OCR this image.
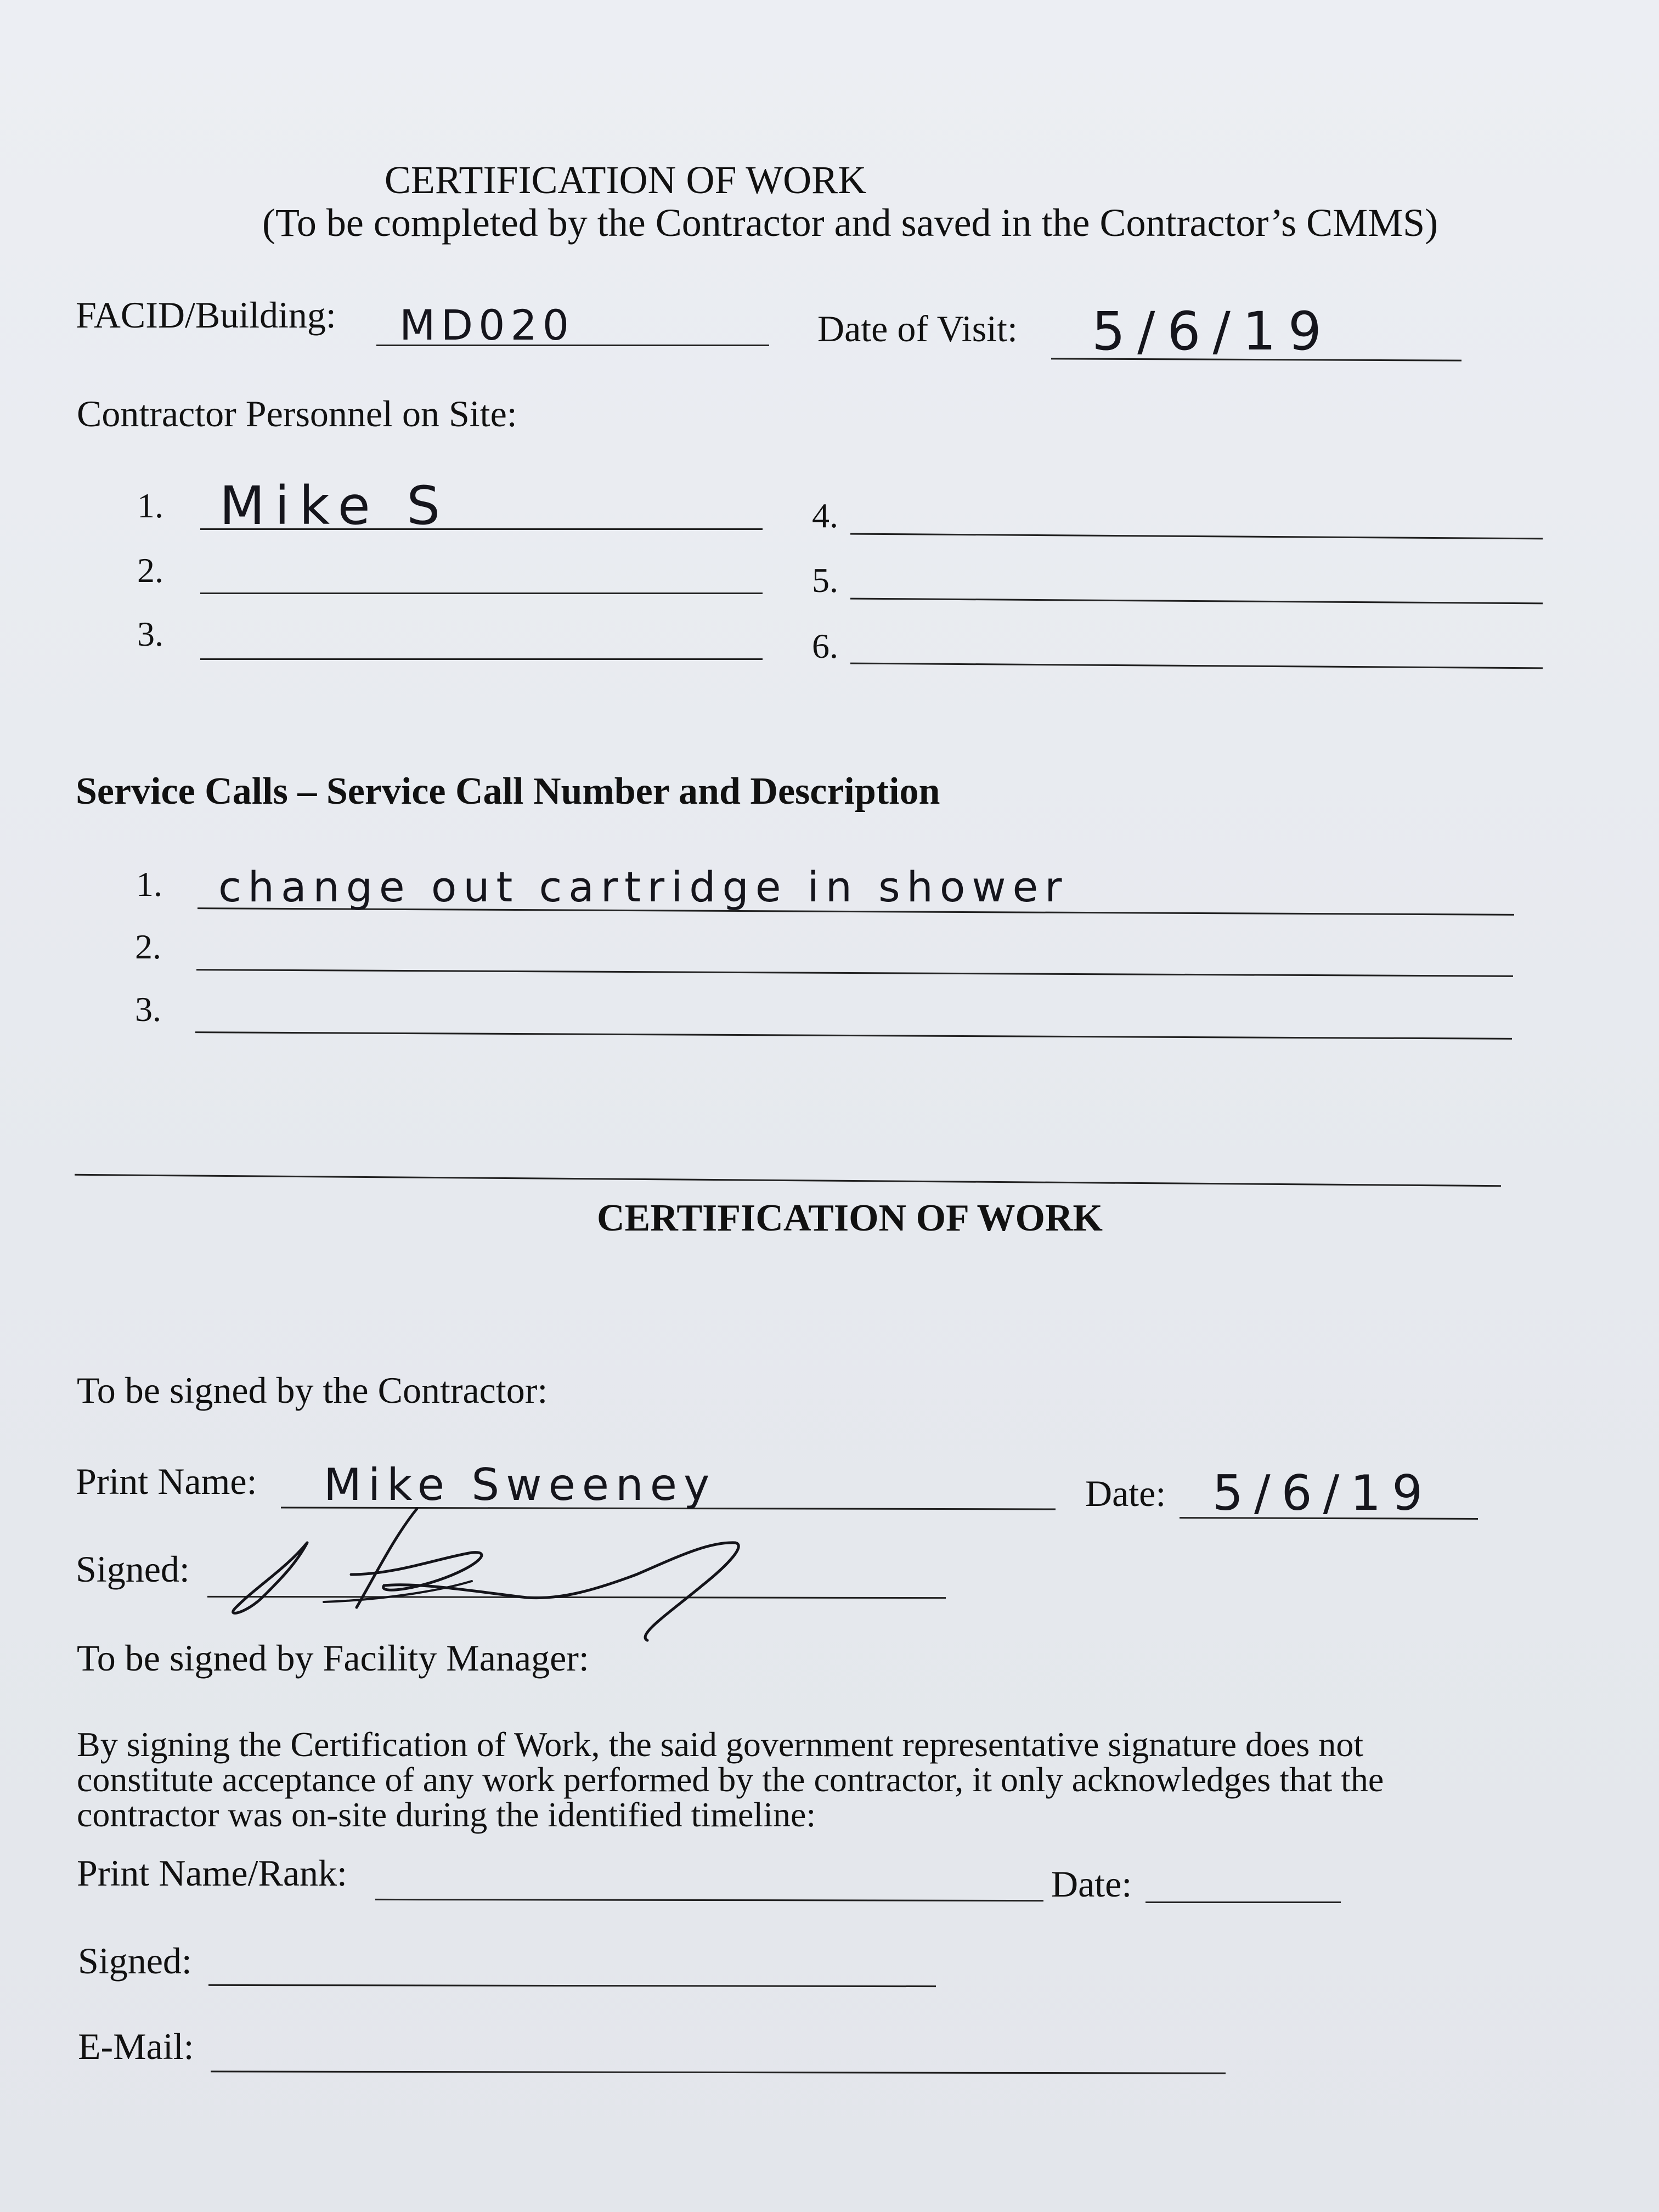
CERTIFICATION OF WORK
(To be completed by the Contractor and saved in the Contractor’s CMMS)
FACID/Building: MD020	Date of Visit: 5/6/19
Contractor Personnel on Site:
1. Mike S
2.
3.
4.
5.
6.
Service Calls – Service Call Number and Description
1. change out cartridge in shower
2.
3.
CERTIFICATION OF WORK
To be signed by the Contractor:
Print Name: Mike Sweeney	Date: 5/6/19
Signed:
To be signed by Facility Manager:
By signing the Certification of Work, the said government representative signature does not
constitute acceptance of any work performed by the contractor, it only acknowledges that the
contractor was on-site during the identified timeline:
Print Name/Rank:	Date:
Signed:
E-Mail:
